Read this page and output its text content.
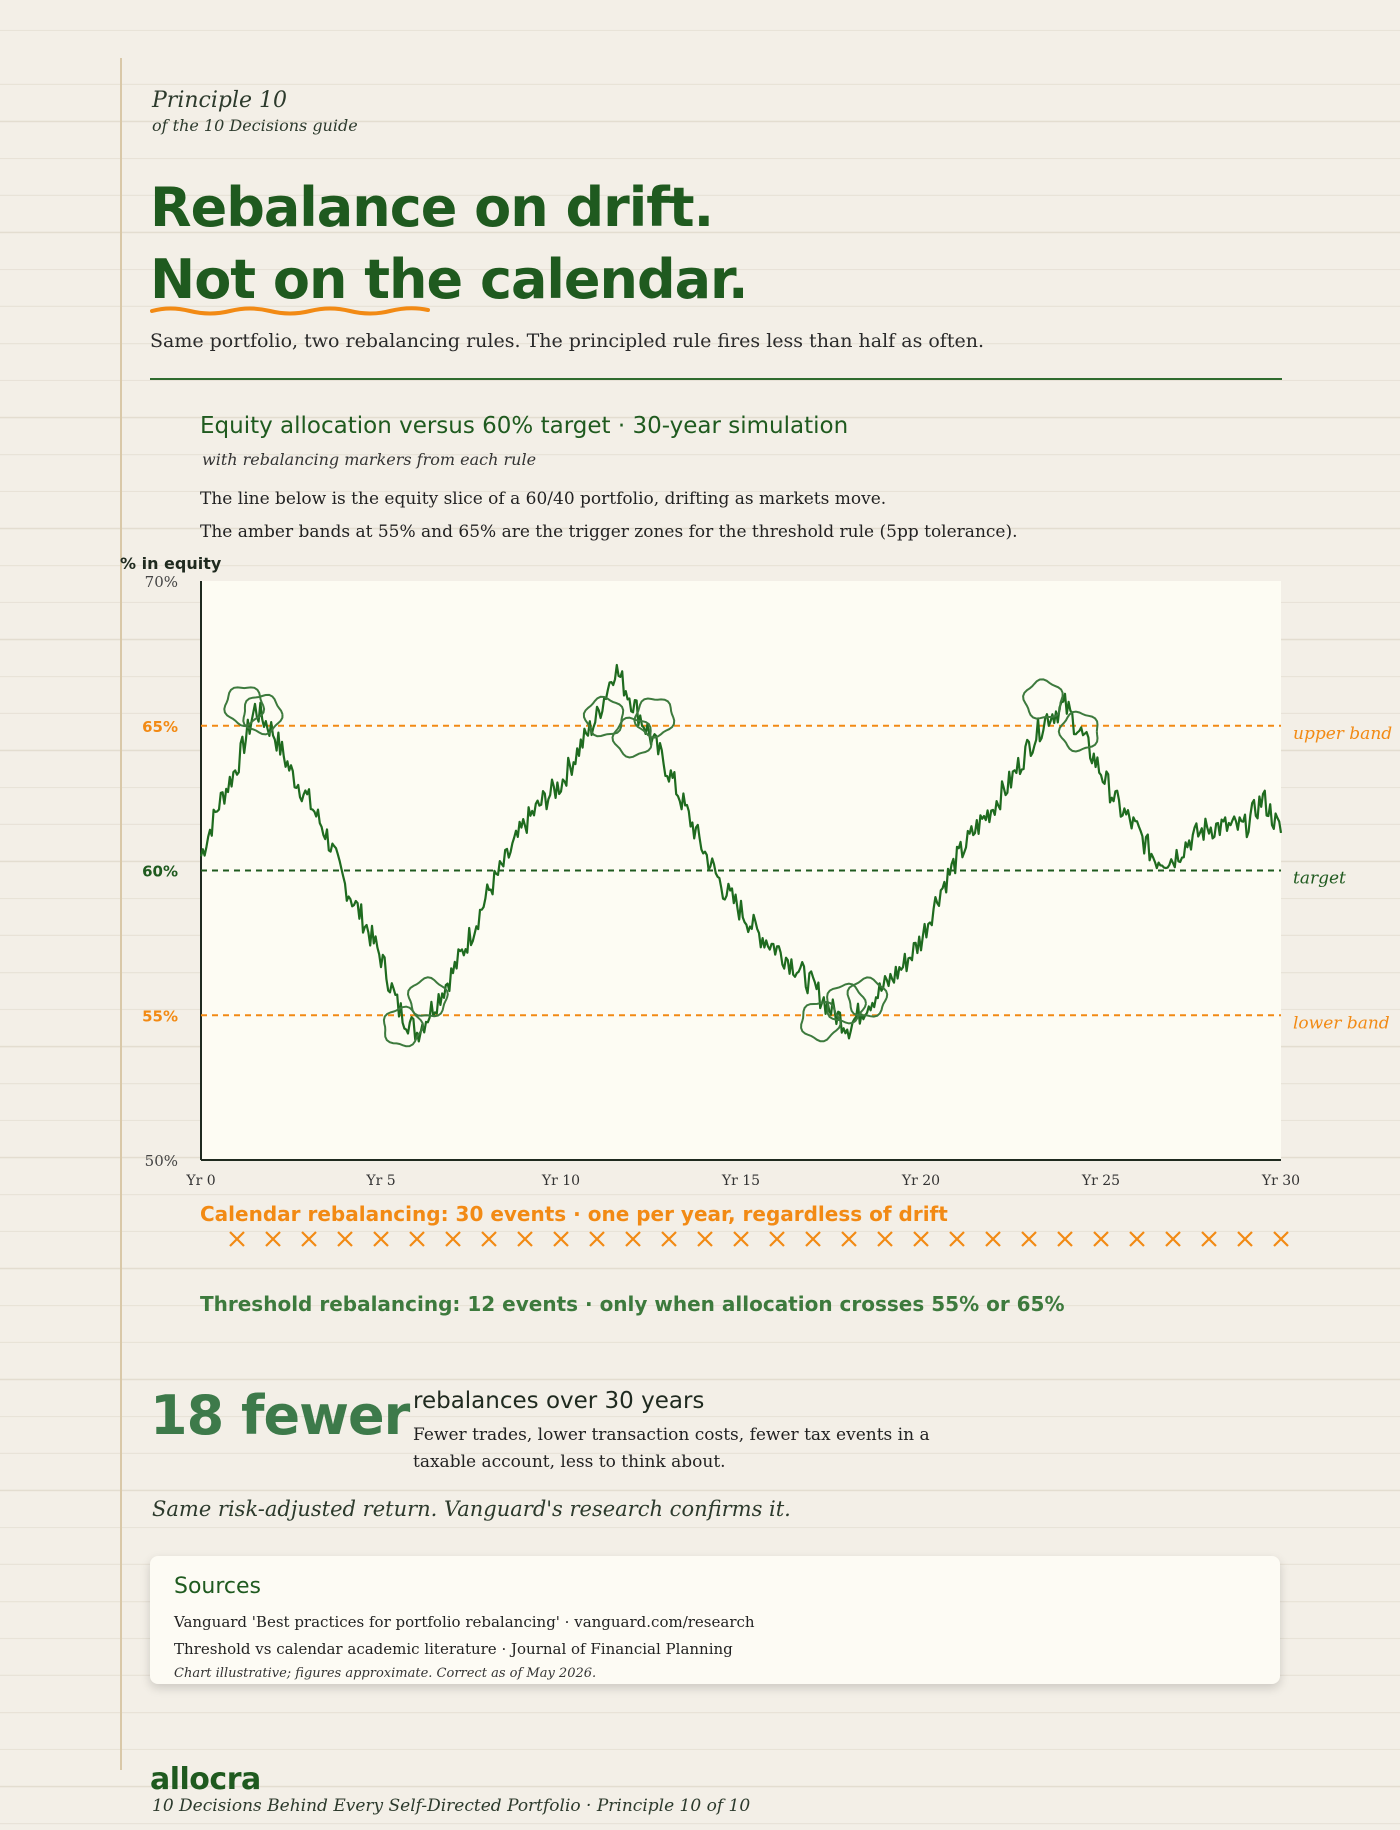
Principle 10

of the 10 Decisions guide

Rebalance on drift.
Not on the
calendar.

Same portfolio, two rebalancing rules. The principled rule fires less than half as often.

Equity allocation versus 60% target · 30-year simulation

with rebalancing markers from each rule

The line below is the equity slice of a 60/40 portfolio, drifting as markets move.

The amber bands at 55% and 65% are the trigger zones for the threshold rule (5pp tolerance).

% in equity
70%
65%
60%
55%
50%
Yr 0	Yr 5	Yr 10	Yr 15	Yr 20	Yr 25	Yr 30
upper band
target
lower band

Calendar rebalancing: 30 events · one per year, regardless of drift

Threshold rebalancing: 12 events · only when allocation crosses 55% or 65%

18 fewer rebalances over 30 years

Fewer trades, lower transaction costs, fewer tax events in a taxable account, less to think about.

Same risk-adjusted return. Vanguard's research confirms it.

Sources

Vanguard 'Best practices for portfolio rebalancing' · vanguard.com/research

Threshold vs calendar academic literature · Journal of Financial Planning

Chart illustrative; figures approximate. Correct as of May 2026.

allocra

10 Decisions Behind Every Self-Directed Portfolio · Principle 10 of 10
